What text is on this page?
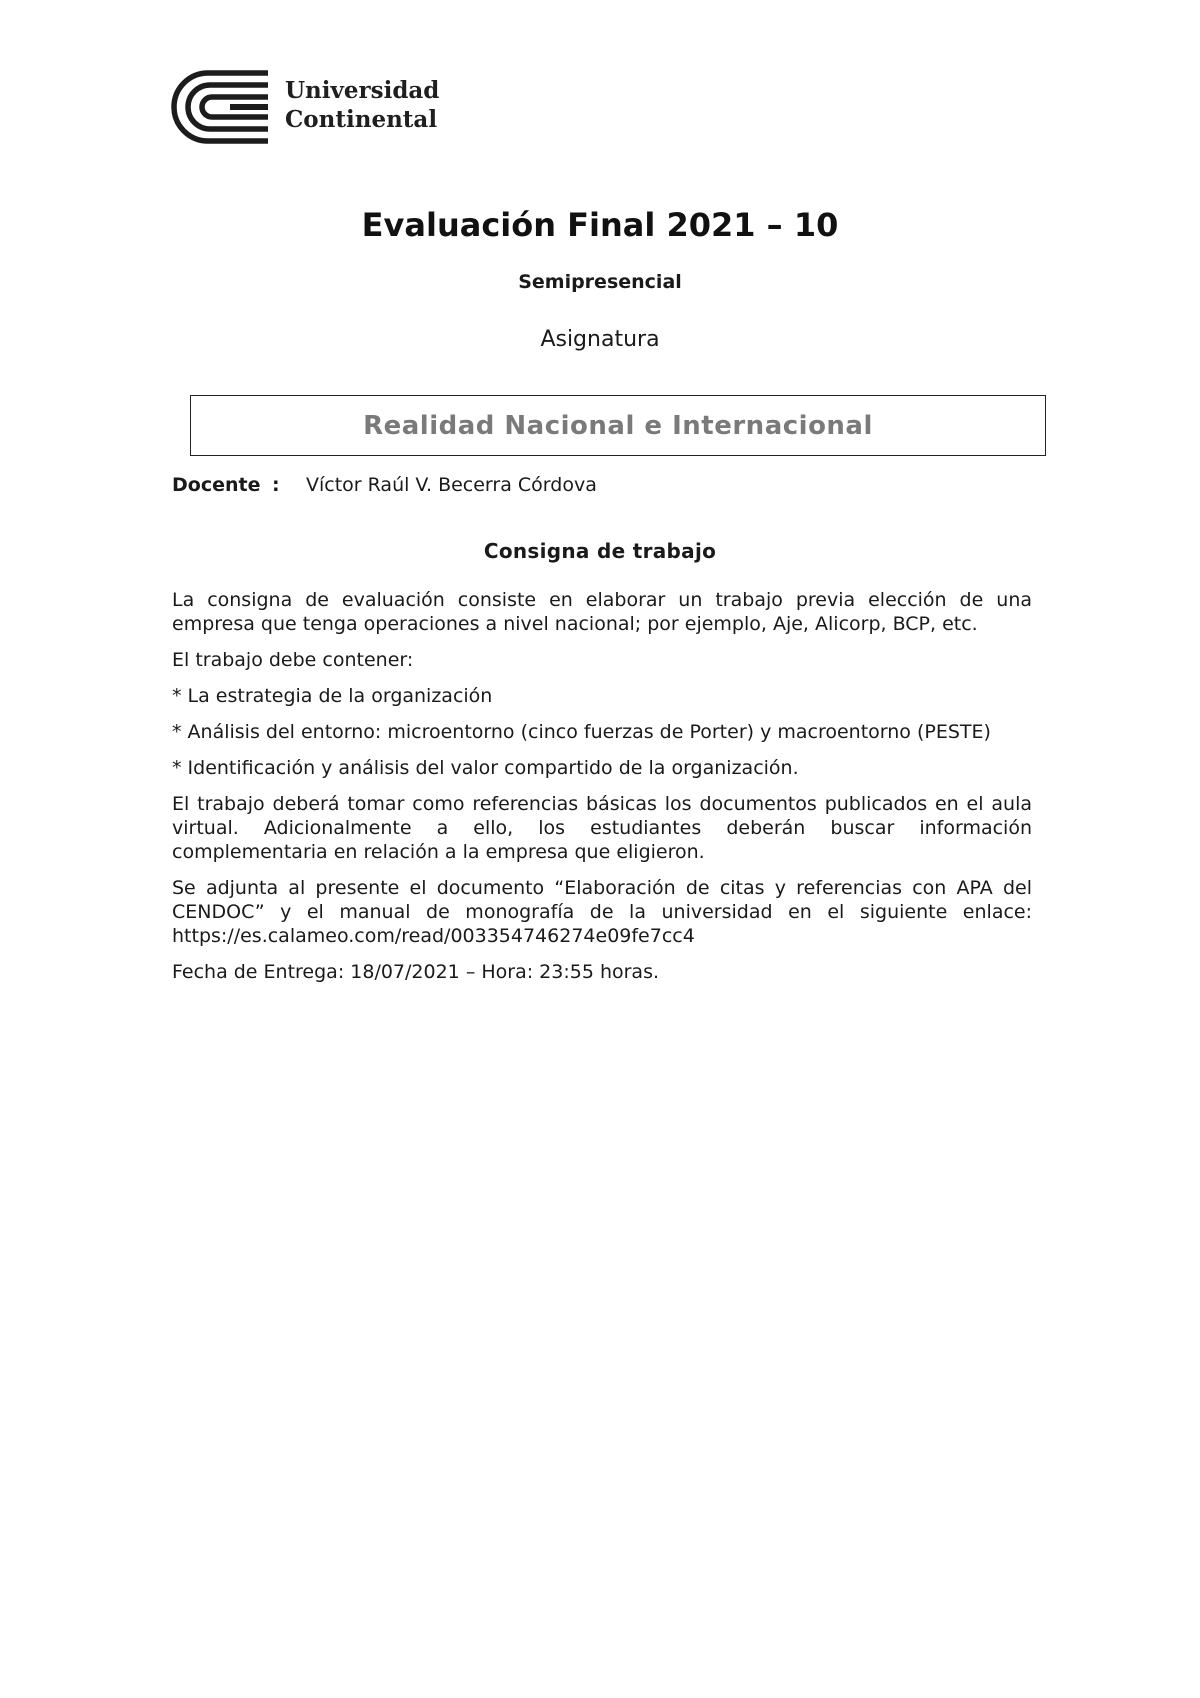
Universidad
Continental
Evaluación Final 2021 – 10
Semipresencial
Asignatura
Realidad Nacional e Internacional
Docente : Víctor Raúl V. Becerra Córdova
Consigna de trabajo

La consigna de evaluación consiste en elaborar un trabajo previa elección de una empresa que tenga operaciones a nivel nacional; por ejemplo, Aje, Alicorp, BCP, etc.

El trabajo debe contener:

* La estrategia de la organización

* Análisis del entorno: microentorno (cinco fuerzas de Porter) y macroentorno (PESTE)

* Identificación y análisis del valor compartido de la organización.

El trabajo deberá tomar como referencias básicas los documentos publicados en el aula virtual. Adicionalmente a ello, los estudiantes deberán buscar información complementaria en relación a la empresa que eligieron.

Se adjunta al presente el documento “Elaboración de citas y referencias con APA del CENDOC” y el manual de monografía de la universidad en el siguiente enlace: https://es.calameo.com/read/003354746274e09fe7cc4

Fecha de Entrega: 18/07/2021 – Hora: 23:55 horas.
